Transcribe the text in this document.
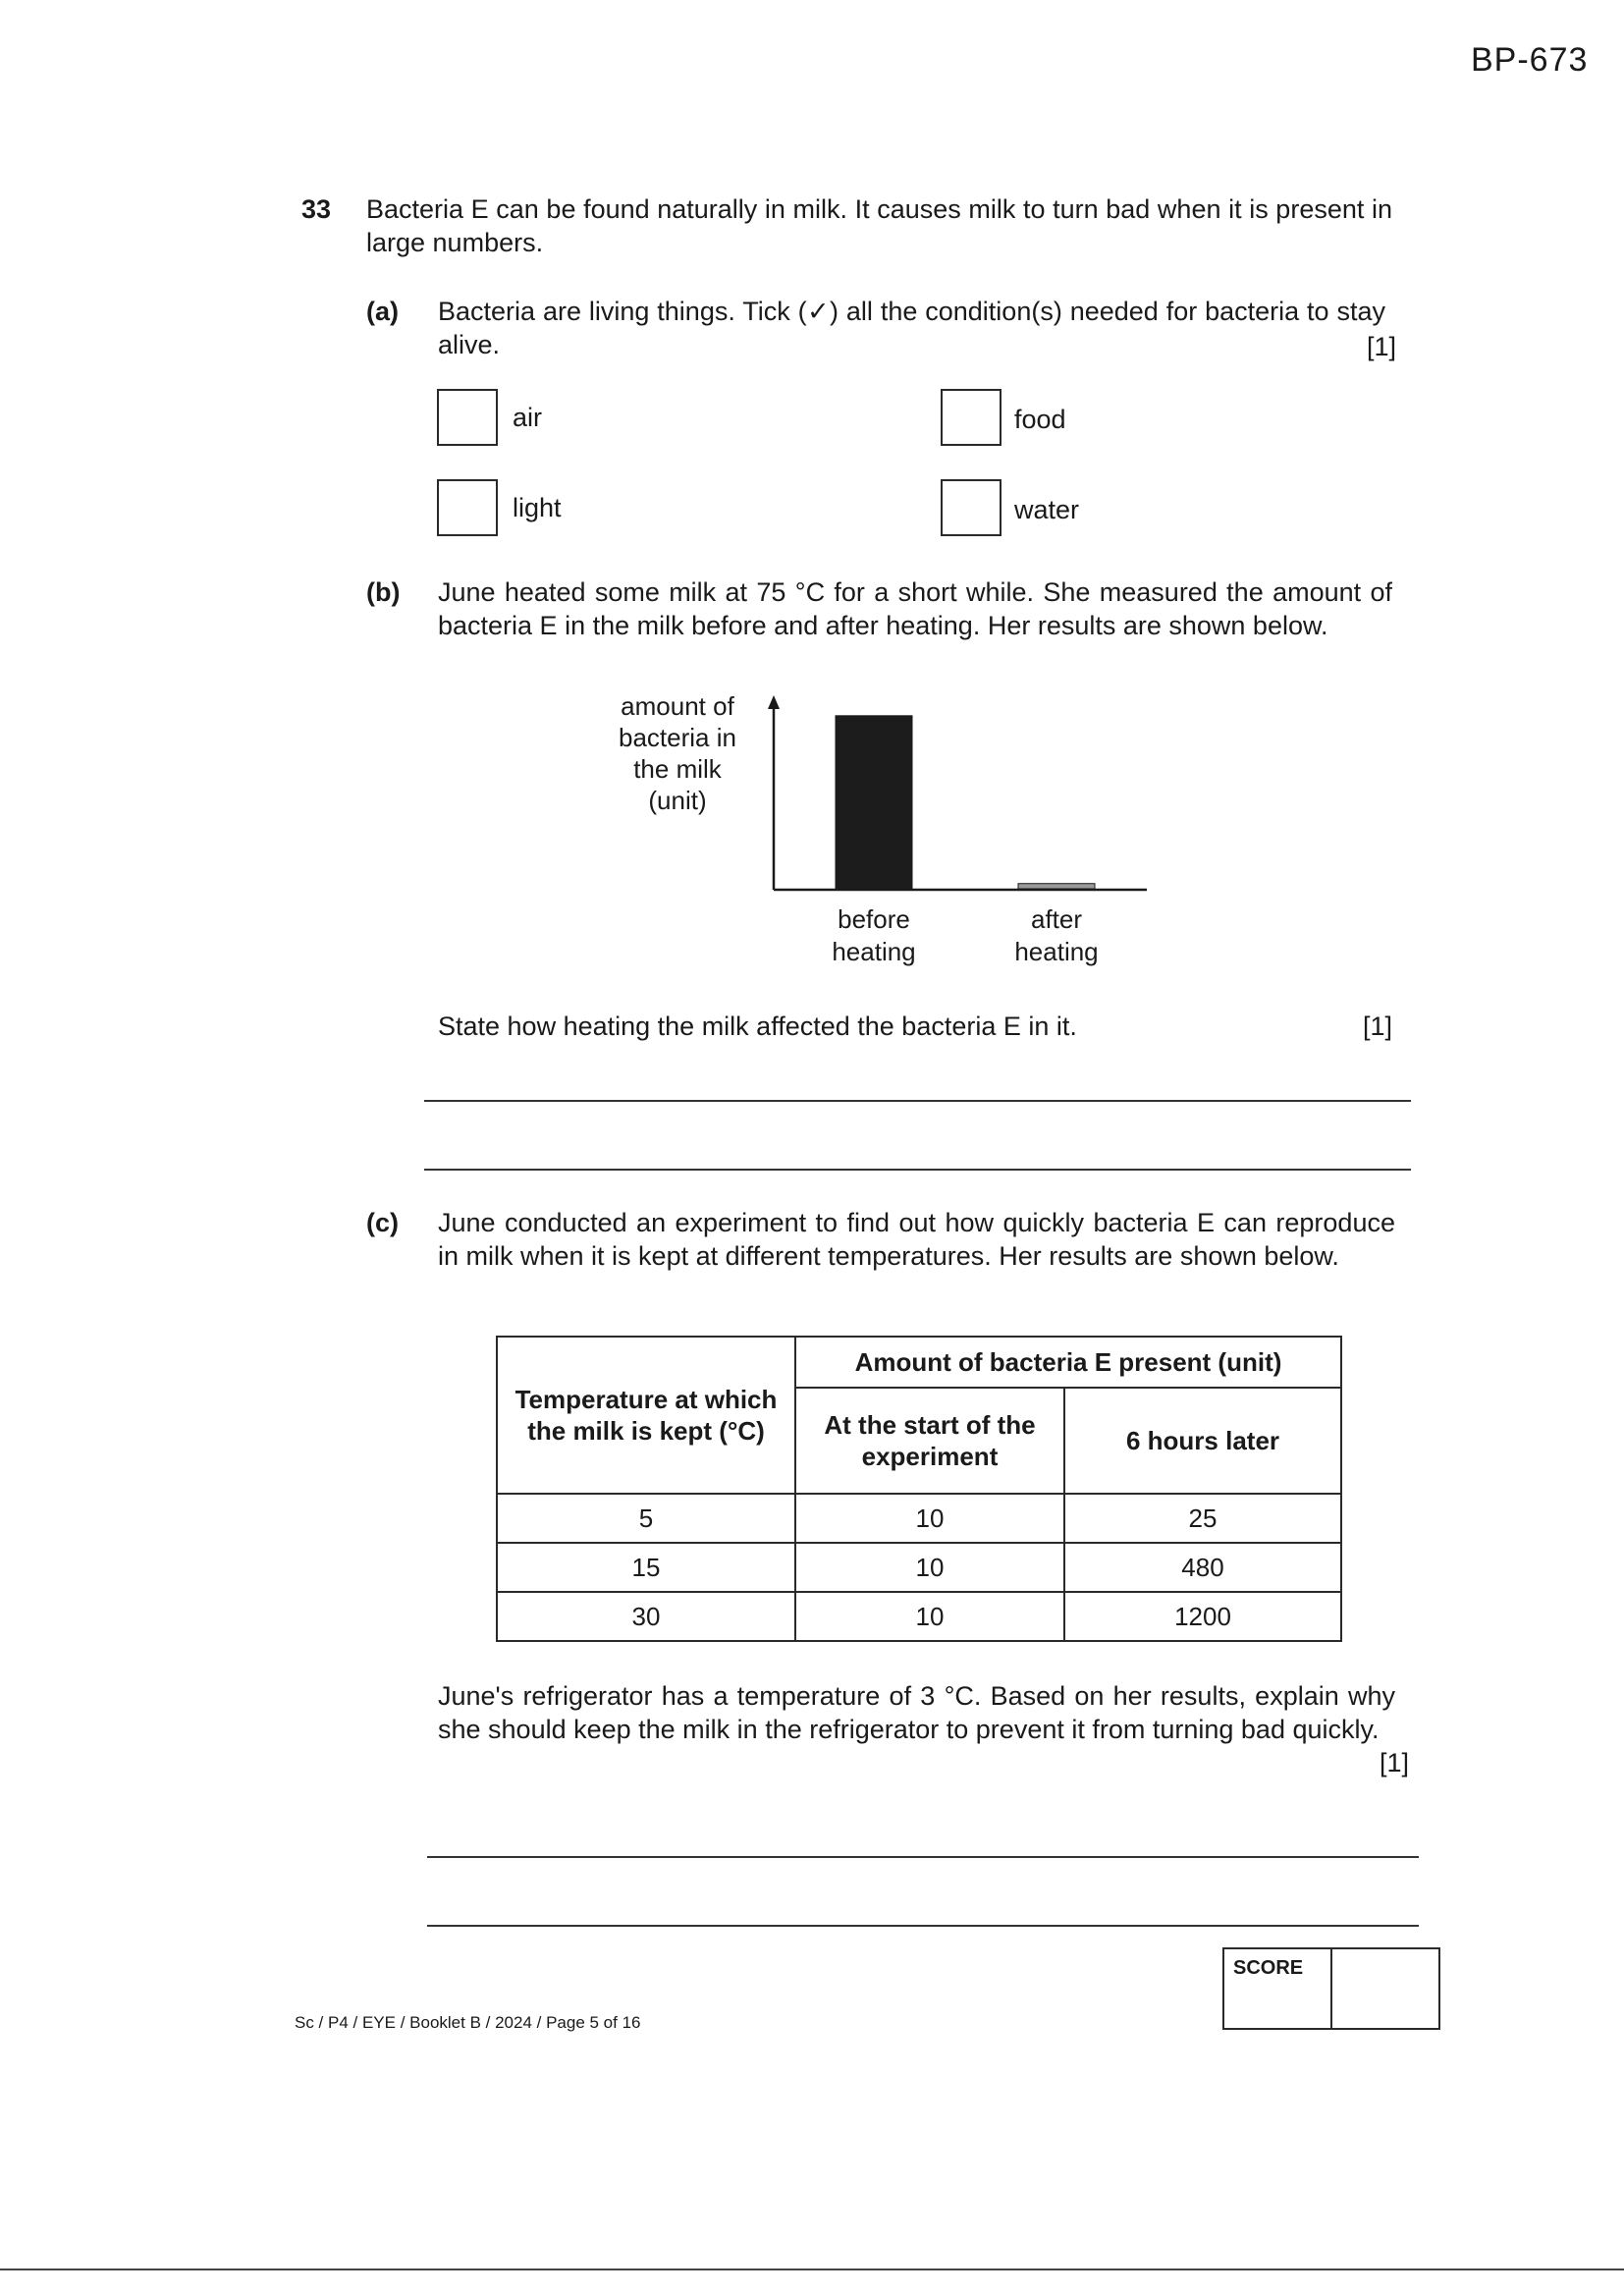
BP-673
33 Bacteria E can be found naturally in milk. It causes milk to turn bad when it is present in large numbers.
(a) Bacteria are living things. Tick (✓) all the condition(s) needed for bacteria to stay alive.	[1]
air	food
light	water
(b) June heated some milk at 75 °C for a short while. She measured the amount of bacteria E in the milk before and after heating. Her results are shown below.
amount of
bacteria in
the milk
(unit)
before
heating
after
heating
State how heating the milk affected the bacteria E in it.	[1]
(c) June conducted an experiment to find out how quickly bacteria E can reproduce in milk when it is kept at different temperatures. Her results are shown below.
Temperature at which the milk is kept (°C)	Amount of bacteria E present (unit)	
	At the start of the experiment	6 hours later
5	10	25
15	10	480
30	10	1200
June's refrigerator has a temperature of 3 °C. Based on her results, explain why she should keep the milk in the refrigerator to prevent it from turning bad quickly.
[1]
SCORE
Sc / P4 / EYE / Booklet B / 2024 / Page 5 of 16
